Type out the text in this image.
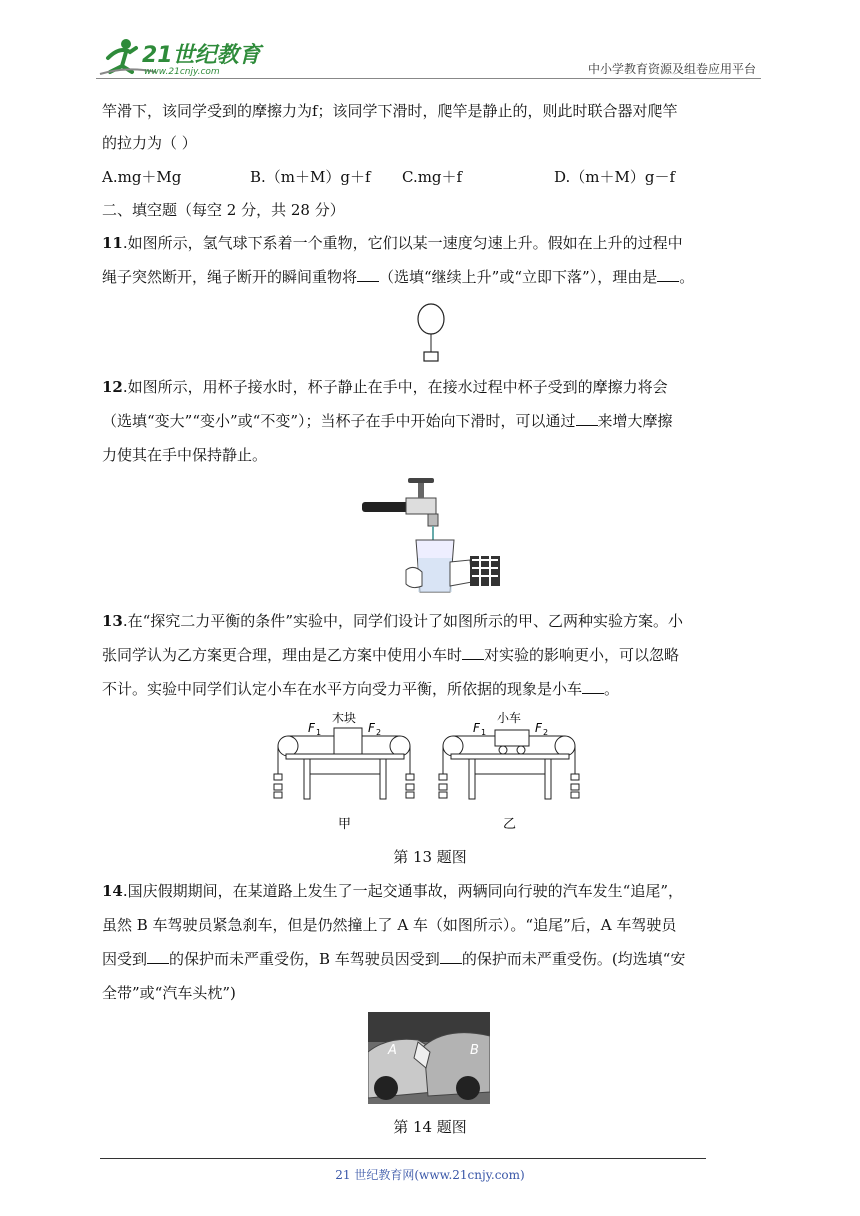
21世纪教育
www.21cnjy.com	中小学教育资源及组卷应用平台
竿滑下，该同学受到的摩擦力为f；该同学下滑时，爬竿是静止的，则此时联合器对爬竿
的拉力为（ ）
A.mg＋Mg	B.（m＋M）g＋f C.mg＋f	D.（m＋M）g－f
二、填空题（每空 2 分，共 28 分）
11.如图所示，氢气球下系着一个重物，它们以某一速度匀速上升。假如在上升的过程中
绳子突然断开，绳子断开的瞬间重物将 （选填“继续上升”或“立即下落”），理由是 。
12.如图所示，用杯子接水时，杯子静止在手中，在接水过程中杯子受到的摩擦力将会
（选填“变大”“变小”或“不变”）；当杯子在手中开始向下滑时，可以通过 来增大摩擦
力使其在手中保持静止。
13.在“探究二力平衡的条件”实验中，同学们设计了如图所示的甲、乙两种实验方案。小
张同学认为乙方案更合理，理由是乙方案中使用小车时 对实验的影响更小，可以忽略
不计。实验中同学们认定小车在水平方向受力平衡，所依据的现象是小车 。
木块
F 1	F 2
甲
小车
F 1	F 2
乙
第 13 题图
14.国庆假期期间，在某道路上发生了一起交通事故，两辆同向行驶的汽车发生“追尾”，
虽然 B 车驾驶员紧急刹车，但是仍然撞上了 A 车（如图所示）。“追尾”后，A 车驾驶员
因受到 的保护而未严重受伤，B 车驾驶员因受到 的保护而未严重受伤。(均选填“安
全带”或“汽车头枕”)
A	B
第 14 题图
21 世纪教育网(www.21cnjy.com)
